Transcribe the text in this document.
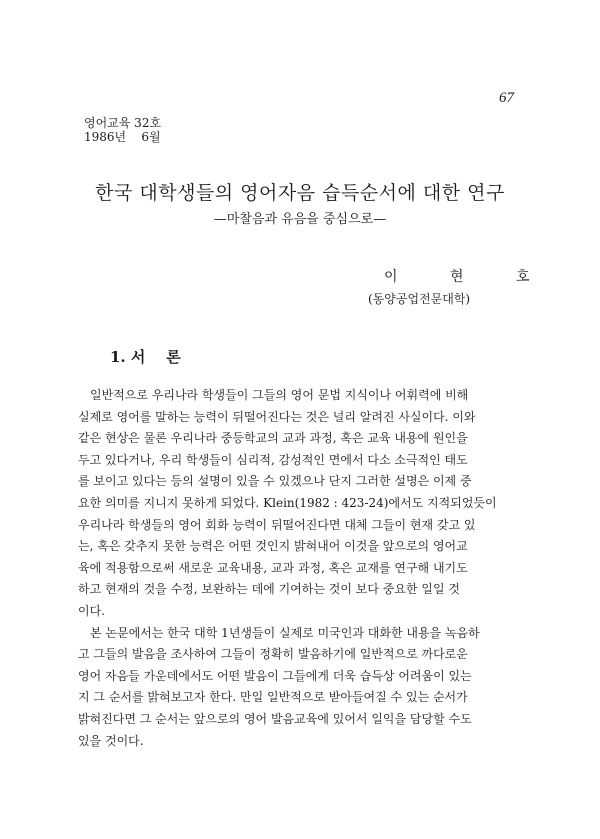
67
영어교육 32호
1986년    6월
한국 대학생들의 영어자음 습득순서에 대한 연구
—마찰음과 유음을 중심으로—
이 현 호
(동양공업전문대학)
1. 서    론

일반적으로 우리나라 학생들이 그들의 영어 문법 지식이나 어휘력에 비해
실제로 영어를 말하는 능력이 뒤떨어진다는 것은 널리 알려진 사실이다. 이와
같은 현상은 물론 우리나라 중등학교의 교과 과정, 혹은 교육 내용에 원인을
두고 있다거나, 우리 학생들이 심리적, 감성적인 면에서 다소 소극적인 태도
를 보이고 있다는 등의 설명이 있을 수 있겠으나 단지 그러한 설명은 이제 중
요한 의미를 지니지 못하게 되었다. Klein(1982 : 423-24)에서도 지적되었듯이
우리나라 학생들의 영어 회화 능력이 뒤떨어진다면 대체 그들이 현재 갖고 있
는, 혹은 갖추지 못한 능력은 어떤 것인지 밝혀내어 이것을 앞으로의 영어교
육에 적용함으로써 새로운 교육내용, 교과 과정, 혹은 교재를 연구해 내기도
하고 현재의 것을 수정, 보완하는 데에 기여하는 것이 보다 중요한 일일 것
이다.

본 논문에서는 한국 대학 1년생들이 실제로 미국인과 대화한 내용을 녹음하
고 그들의 발음을 조사하여 그들이 정확히 발음하기에 일반적으로 까다로운
영어 자음들 가운데에서도 어떤 발음이 그들에게 더욱 습득상 어려움이 있는
지 그 순서를 밝혀보고자 한다. 만일 일반적으로 받아들여질 수 있는 순서가
밝혀진다면 그 순서는 앞으로의 영어 발음교육에 있어서 일익을 담당할 수도
있을 것이다.
